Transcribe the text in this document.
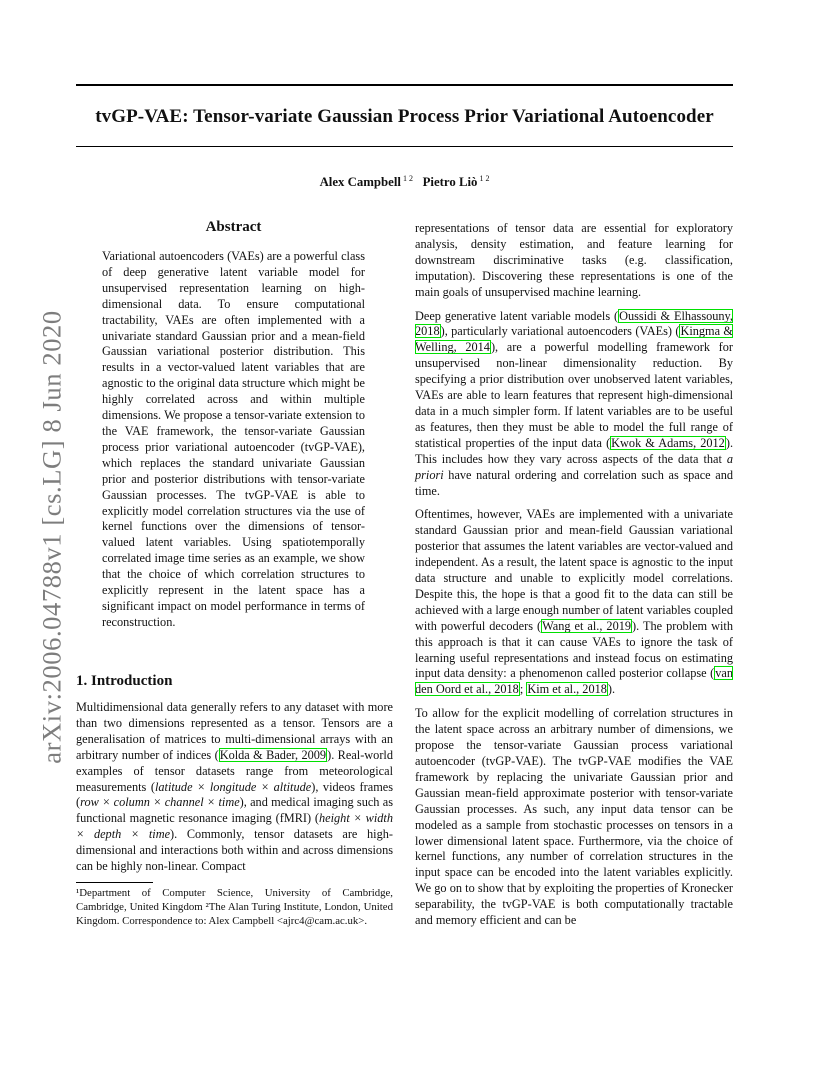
tvGP-VAE: Tensor-variate Gaussian Process Prior Variational Autoencoder
Alex Campbell $^{1 2}$ Pietro Liò $^{1 2}$
arXiv:2006.04788v1 [cs.LG] 8 Jun 2020
Abstract

Variational autoencoders (VAEs) are a powerful class of deep generative latent variable model for unsupervised representation learning on high-dimensional data. To ensure computational tractability, VAEs are often implemented with a univariate standard Gaussian prior and a mean-field Gaussian variational posterior distribution. This results in a vector-valued latent variables that are agnostic to the original data structure which might be highly correlated across and within multiple dimensions. We propose a tensor-variate extension to the VAE framework, the tensor-variate Gaussian process prior variational autoencoder (tvGP-VAE), which replaces the standard univariate Gaussian prior and posterior distributions with tensor-variate Gaussian processes. The tvGP-VAE is able to explicitly model correlation structures via the use of kernel functions over the dimensions of tensor-valued latent variables. Using spatiotemporally correlated image time series as an example, we show that the choice of which correlation structures to explicitly represent in the latent space has a significant impact on model performance in terms of reconstruction.

1. Introduction

Multidimensional data generally refers to any dataset with more than two dimensions represented as a tensor. Tensors are a generalisation of matrices to multi-dimensional arrays with an arbitrary number of indices (Kolda & Bader, 2009). Real-world examples of tensor datasets range from meteorological measurements (latitude × longitude × altitude), videos frames (row × column × channel × time), and medical imaging such as functional magnetic resonance imaging (fMRI) (height × width × depth × time). Commonly, tensor datasets are high-dimensional and interactions both within and across dimensions can be highly non-linear. Compact

¹Department of Computer Science, University of Cambridge, Cambridge, United Kingdom ²The Alan Turing Institute, London, United Kingdom. Correspondence to: Alex Campbell <ajrc4@cam.ac.uk>.

representations of tensor data are essential for exploratory analysis, density estimation, and feature learning for downstream discriminative tasks (e.g. classification, imputation). Discovering these representations is one of the main goals of unsupervised machine learning.

Deep generative latent variable models (Oussidi & Elhassouny, 2018), particularly variational autoencoders (VAEs) (Kingma & Welling, 2014), are a powerful modelling framework for unsupervised non-linear dimensionality reduction. By specifying a prior distribution over unobserved latent variables, VAEs are able to learn features that represent high-dimensional data in a much simpler form. If latent variables are to be useful as features, then they must be able to model the full range of statistical properties of the input data (Kwok & Adams, 2012). This includes how they vary across aspects of the data that a priori have natural ordering and correlation such as space and time.

Oftentimes, however, VAEs are implemented with a univariate standard Gaussian prior and mean-field Gaussian variational posterior that assumes the latent variables are vector-valued and independent. As a result, the latent space is agnostic to the input data structure and unable to explicitly model correlations. Despite this, the hope is that a good fit to the data can still be achieved with a large enough number of latent variables coupled with powerful decoders (Wang et al., 2019). The problem with this approach is that it can cause VAEs to ignore the task of learning useful representations and instead focus on estimating input data density: a phenomenon called posterior collapse (van den Oord et al., 2018; Kim et al., 2018).

To allow for the explicit modelling of correlation structures in the latent space across an arbitrary number of dimensions, we propose the tensor-variate Gaussian process variational autoencoder (tvGP-VAE). The tvGP-VAE modifies the VAE framework by replacing the univariate Gaussian prior and Gaussian mean-field approximate posterior with tensor-variate Gaussian processes. As such, any input data tensor can be modeled as a sample from stochastic processes on tensors in a lower dimensional latent space. Furthermore, via the choice of kernel functions, any number of correlation structures in the input space can be encoded into the latent variables explicitly. We go on to show that by exploiting the properties of Kronecker separability, the tvGP-VAE is both computationally tractable and memory efficient and can be
